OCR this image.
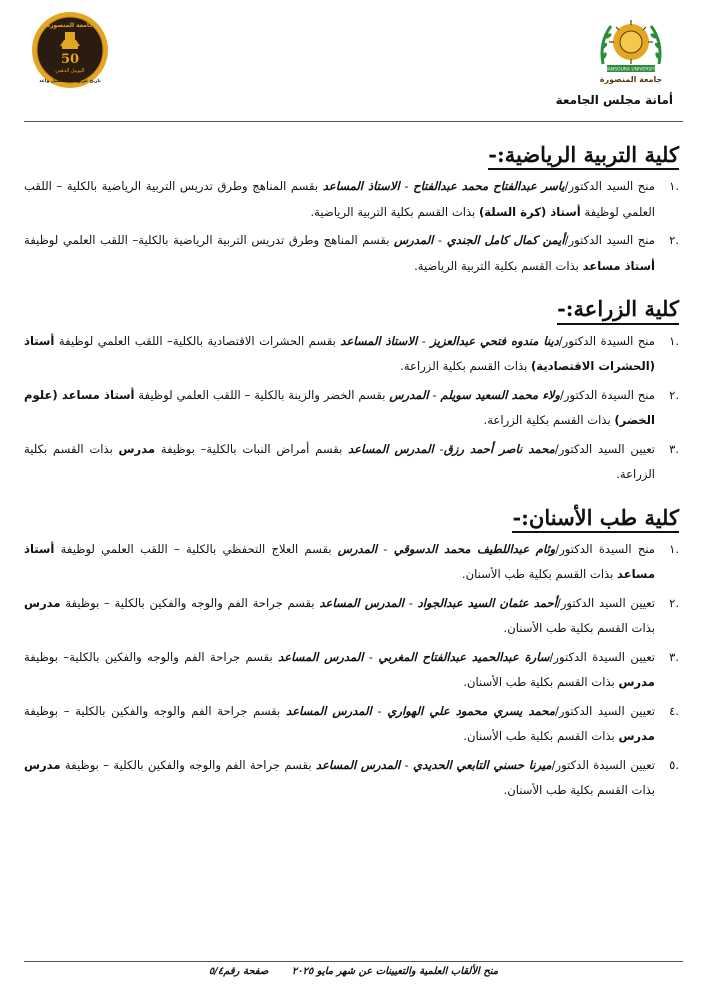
MANSOURA UNIVERSITY
جامعة المنصورة
أمانة مجلس الجامعة
جامعة المنصورة
50
اليوبيل الذهبي
تاريخ عريق .. مستقبل واعد
كلية التربية الرياضية:-
.١
منح السيد الدكتور/ياسر عبدالفتاح محمد عبدالفتاح - الاستاذ المساعد بقسم المناهج وطرق تدريس التربية الرياضية بالكلية – اللقب العلمي لوظيفة أستاذ (كرة السلة) بذات القسم بكلية التربية الرياضية.
.٢
منح السيد الدكتور/أيمن كمال كامل الجندي - المدرس بقسم المناهج وطرق تدريس التربية الرياضية بالكلية– اللقب العلمي لوظيفة أستاذ مساعد بذات القسم بكلية التربية الرياضية.
كلية الزراعة:-
.١
منح السيدة الدكتور/دينا مندوه فتحي عبدالعزيز - الاستاذ المساعد بقسم الحشرات الاقتصادية بالكلية– اللقب العلمي لوظيفة أستاذ (الحشرات الاقتصادية) بذات القسم بكلية الزراعة.
.٢
منح السيدة الدكتور/ولاء محمد السعيد سويلم - المدرس بقسم الخضر والزينة بالكلية – اللقب العلمي لوظيفة أستاذ مساعد (علوم الخضر) بذات القسم بكلية الزراعة.
.٣
تعيين السيد الدكتور/محمد ناصر أحمد رزق- المدرس المساعد بقسم أمراض النبات بالكلية– بوظيفة مدرس بذات القسم بكلية الزراعة.
كلية طب الأسنان:-
.١
منح السيدة الدكتور/وئام عبداللطيف محمد الدسوقي - المدرس بقسم العلاج التحفظي بالكلية – اللقب العلمي لوظيفة أستاذ مساعد بذات القسم بكلية طب الأسنان.
.٢
تعيين السيد الدكتور/أحمد عثمان السيد عبدالجواد - المدرس المساعد بقسم جراحة الفم والوجه والفكين بالكلية – بوظيفة مدرس بذات القسم بكلية طب الأسنان.
.٣
تعيين السيدة الدكتور/سارة عبدالحميد عبدالفتاح المغربي - المدرس المساعد بقسم جراحة الفم والوجه والفكين بالكلية– بوظيفة مدرس بذات القسم بكلية طب الأسنان.
.٤
تعيين السيد الدكتور/محمد يسري محمود علي الهواري - المدرس المساعد بقسم جراحة الفم والوجه والفكين بالكلية – بوظيفة مدرس بذات القسم بكلية طب الأسنان.
.٥
تعيين السيدة الدكتور/ميرنا حسني التابعي الحديدي - المدرس المساعد بقسم جراحة الفم والوجه والفكين بالكلية – بوظيفة مدرس بذات القسم بكلية طب الأسنان.
منح الألقاب العلمية والتعيينات عن شهر مايو ٢٠٢٥ صفحة رقم٥/٤
